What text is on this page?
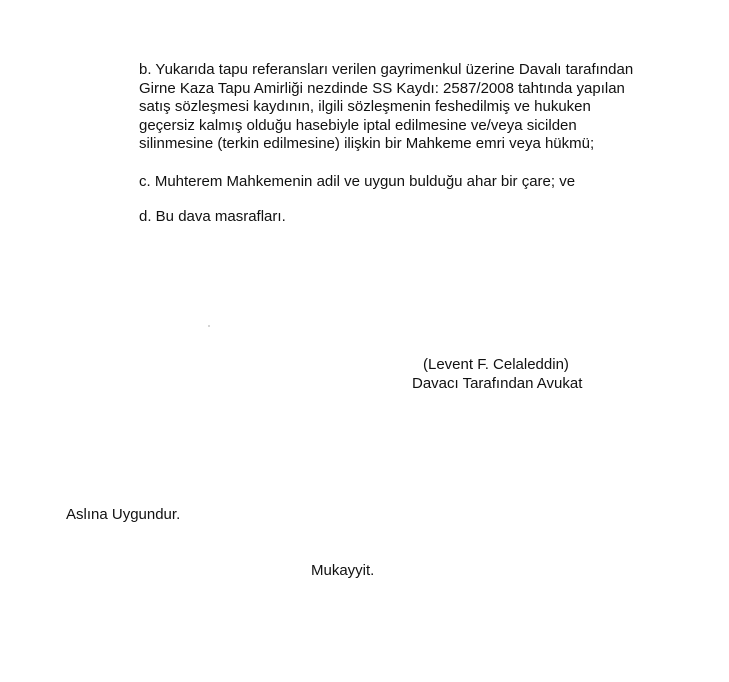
b. Yukarıda tapu referansları verilen gayrimenkul üzerine Davalı tarafından
Girne Kaza Tapu Amirliği nezdinde SS Kaydı: 2587/2008 tahtında yapılan
satış sözleşmesi kaydının, ilgili sözleşmenin feshedilmiş ve hukuken
geçersiz kalmış olduğu hasebiyle iptal edilmesine ve/veya sicilden
silinmesine (terkin edilmesine) ilişkin bir Mahkeme emri veya hükmü;
c. Muhterem Mahkemenin adil ve uygun bulduğu ahar bir çare; ve
d. Bu dava masrafları.
(Levent F. Celaleddin)
Davacı Tarafından Avukat
Aslına Uygundur.
Mukayyit.
